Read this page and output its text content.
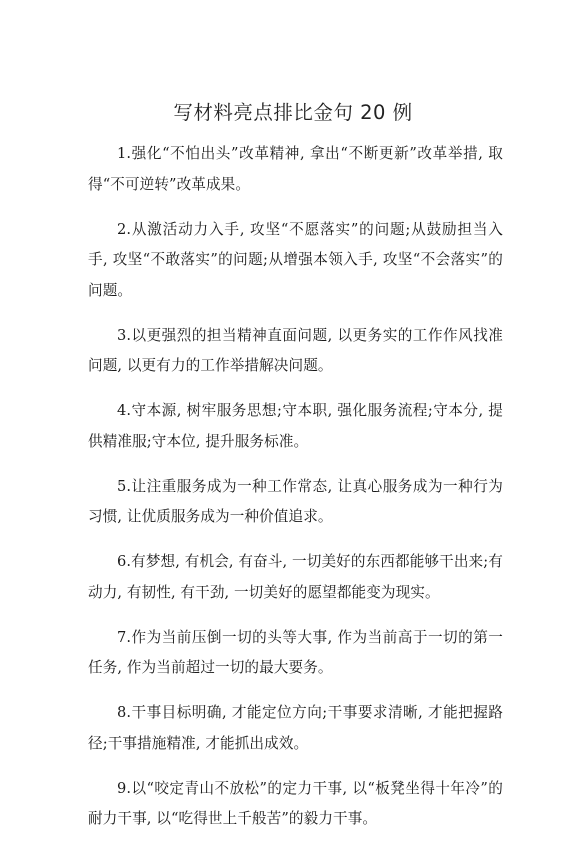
写材料亮点排比金句 20 例

1.强化“不怕出头”改革精神, 拿出“不断更新”改革举措, 取得“不可逆转”改革成果。

2.从激活动力入手, 攻坚“不愿落实”的问题;从鼓励担当入手, 攻坚“不敢落实”的问题;从增强本领入手, 攻坚“不会落实”的问题。

3.以更强烈的担当精神直面问题, 以更务实的工作作风找准问题, 以更有力的工作举措解决问题。

4.守本源, 树牢服务思想;守本职, 强化服务流程;守本分, 提供精准服;守本位, 提升服务标准。

5.让注重服务成为一种工作常态, 让真心服务成为一种行为习惯, 让优质服务成为一种价值追求。

6.有梦想, 有机会, 有奋斗, 一切美好的东西都能够干出来;有动力, 有韧性, 有干劲, 一切美好的愿望都能变为现实。

7.作为当前压倒一切的头等大事, 作为当前高于一切的第一任务, 作为当前超过一切的最大要务。

8.干事目标明确, 才能定位方向;干事要求清晰, 才能把握路径;干事措施精准, 才能抓出成效。

9.以“咬定青山不放松”的定力干事, 以“板凳坐得十年冷”的耐力干事, 以“吃得世上千般苦”的毅力干事。
